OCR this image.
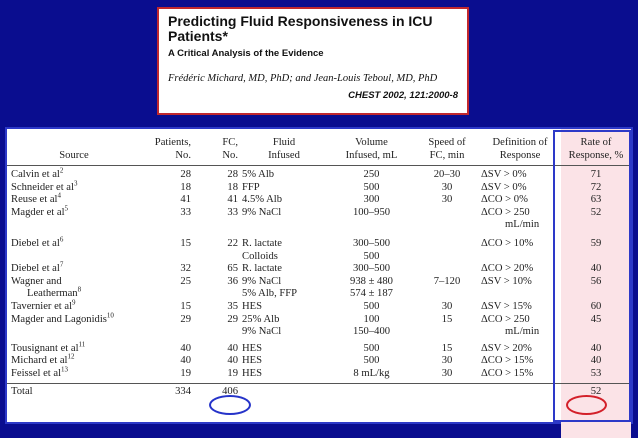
Predicting Fluid Responsiveness in ICU Patients*
A Critical Analysis of the Evidence
Frédéric Michard, MD, PhD; and Jean-Louis Teboul, MD, PhD
CHEST 2002, 121:2000-8
	Patients,	FC,	Fluid	Volume	Speed of	Definition of	Rate of
Source	No.	No.	Infused	Infused, mL	FC, min	Response	Response, %
Calvin et $al^2$	28	28	5% Alb	250	20–30	ΔSV > 0%	71
Schneider et $al^3$	18	18	FFP	500	30	ΔSV > 0%	72
Reuse et $al^4$	41	41	4.5% Alb	300	30	ΔCO > 0%	63
Magder et $al^5$	33	33	9% NaCl	100–950		ΔCO > 250	52
						mL/min	

Diebel et $al^6$	15	22	R. lactate	300–500		ΔCO > 10%	59
			Colloids	500			
Diebel et $al^7$	32	65	R. lactate	300–500		ΔCO > 20%	40
Wagner and	25	36	9% NaCl	938 ± 480	7–120	ΔSV > 10%	56
Leatherman$^8$			5% Alb, FFP	574 ± 187			
Tavernier et $al^9$	15	35	HES	500	30	ΔSV > 15%	60
Magder and Lagonidis$^{10}$	29	29	25% Alb	100	15	ΔCO > 250	45
			9% NaCl	150–400		mL/min	

Tousignant et $al^{11}$	40	40	HES	500	15	ΔSV > 20%	40
Michard et $al^{12}$	40	40	HES	500	30	ΔCO > 15%	40
Feissel et $al^{13}$	19	19	HES	8 mL/kg	30	ΔCO > 15%	53
Total	334	406					52
